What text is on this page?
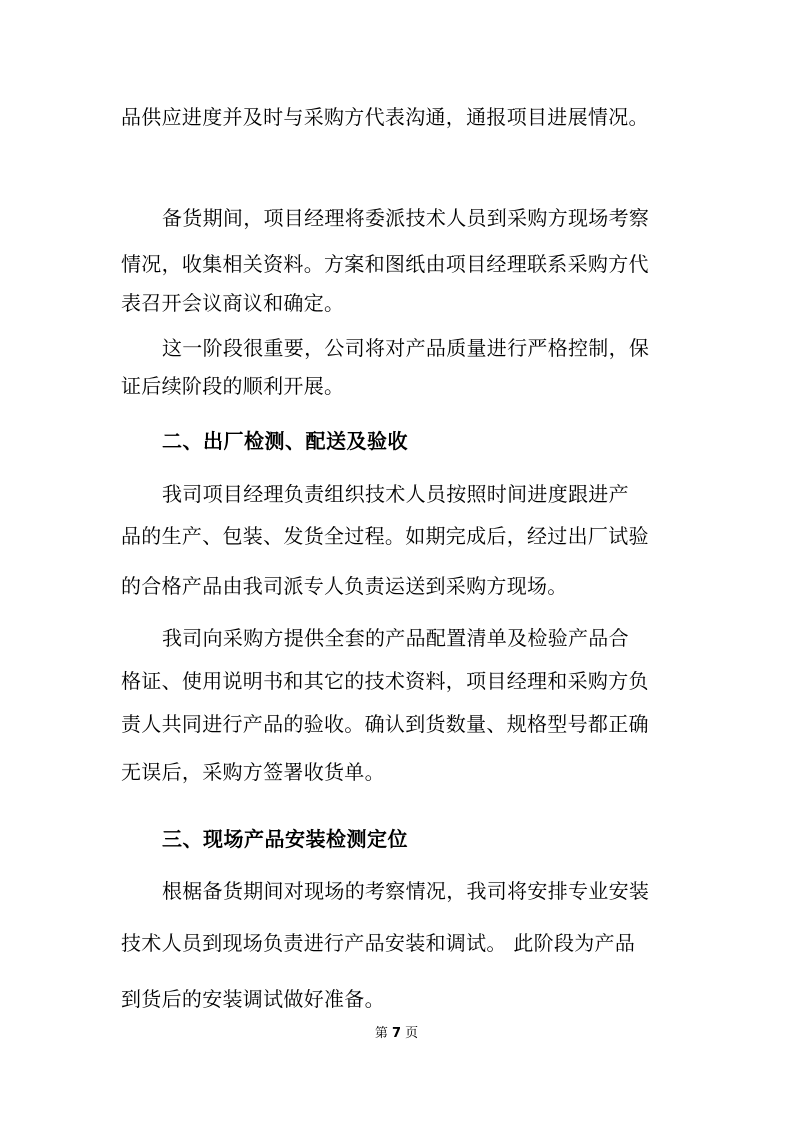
品供应进度并及时与采购方代表沟通，通报项目进展情况。

备货期间，项目经理将委派技术人员到采购方现场考察

情况，收集相关资料。方案和图纸由项目经理联系采购方代

表召开会议商议和确定。

这一阶段很重要，公司将对产品质量进行严格控制，保

证后续阶段的顺利开展。

二、出厂检测、配送及验收

我司项目经理负责组织技术人员按照时间进度跟进产

品的生产、包装、发货全过程。如期完成后，经过出厂试验

的合格产品由我司派专人负责运送到采购方现场。

我司向采购方提供全套的产品配置清单及检验产品合

格证、使用说明书和其它的技术资料，项目经理和采购方负

责人共同进行产品的验收。确认到货数量、规格型号都正确

无误后，采购方签署收货单。

三、现场产品安装检测定位

根椐备货期间对现场的考察情况，我司将安排专业安装

技术人员到现场负责进行产品安装和调试。 此阶段为产品

到货后的安装调试做好准备。

第 7 页
